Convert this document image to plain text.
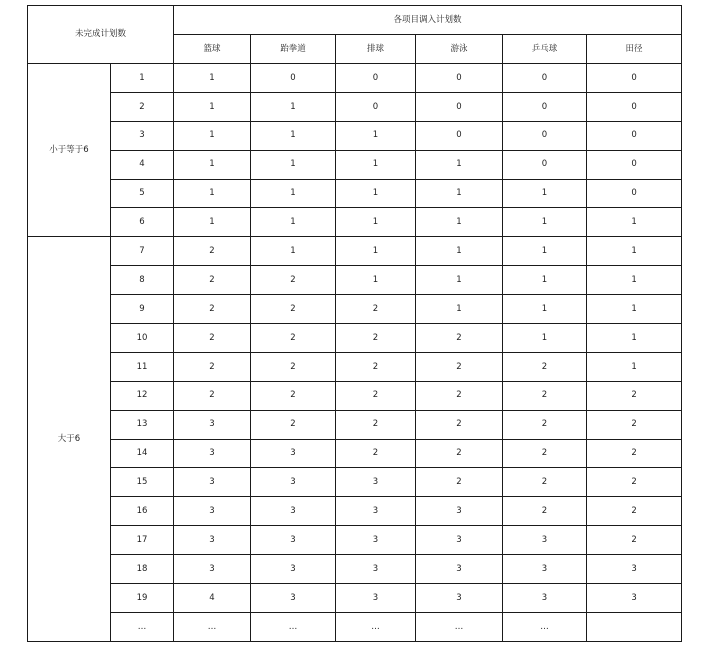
未完成计划数		各项目调入计划数					
		篮球	跆拳道	排球	游泳	乒乓球	田径
小于等于6	1	1	0	0	0	0	0
	2	1	1	0	0	0	0
	3	1	1	1	0	0	0
	4	1	1	1	1	0	0
	5	1	1	1	1	1	0
	6	1	1	1	1	1	1
大于6	7	2	1	1	1	1	1
	8	2	2	1	1	1	1
	9	2	2	2	1	1	1
	10	2	2	2	2	1	1
	11	2	2	2	2	2	1
	12	2	2	2	2	2	2
	13	3	2	2	2	2	2
	14	3	3	2	2	2	2
	15	3	3	3	2	2	2
	16	3	3	3	3	2	2
	17	3	3	3	3	3	2
	18	3	3	3	3	3	3
	19	4	3	3	3	3	3
	…	…	…	…	…	…	
